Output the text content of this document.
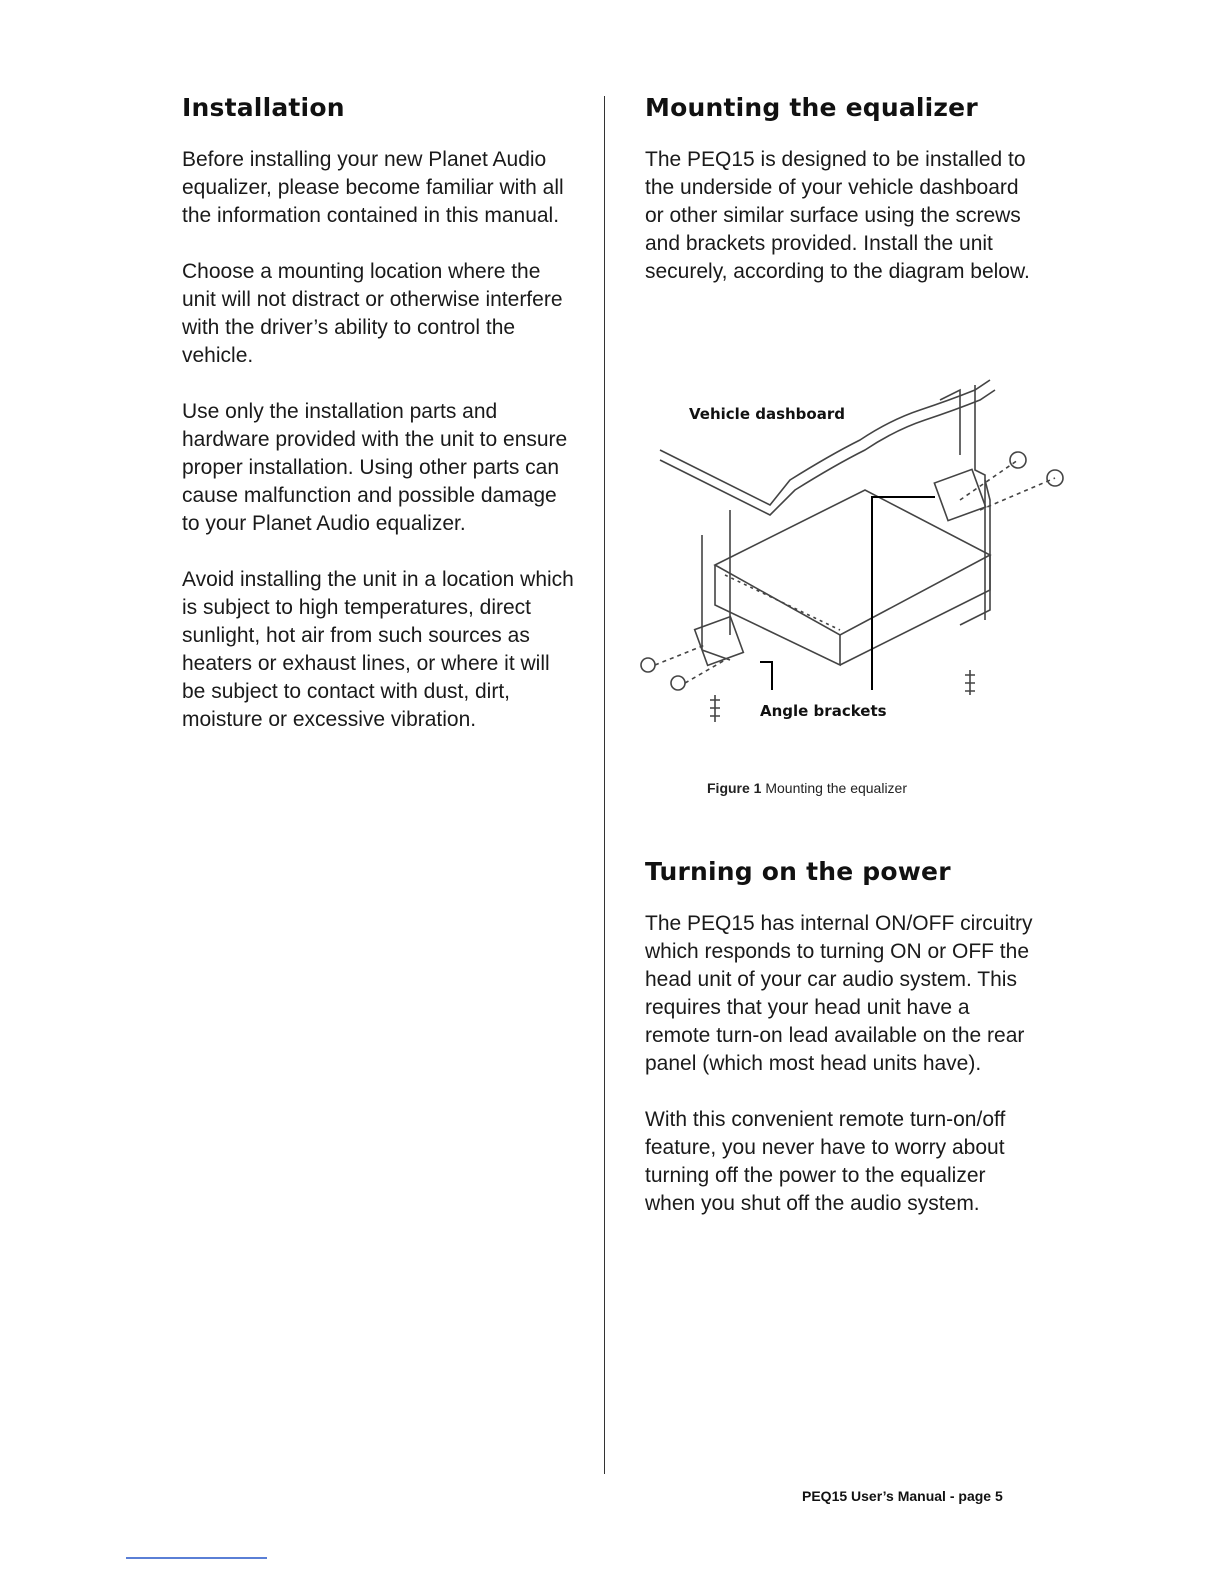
Installation

Before installing your new Planet Audio equalizer, please become familiar with all the information contained in this manual.

Choose a mounting location where the unit will not distract or otherwise interfere with the driver’s ability to control the vehicle.

Use only the installation parts and hardware provided with the unit to ensure proper installation. Using other parts can cause malfunction and possible damage to your Planet Audio equalizer.

Avoid installing the unit in a location which is subject to high temperatures, direct sunlight, hot air from such sources as heaters or exhaust lines, or where it will be subject to contact with dust, dirt, moisture or excessive vibration.

Mounting the equalizer

The PEQ15 is designed to be installed to the underside of your vehicle dashboard or other similar surface using the screws and brackets provided. Install the unit securely, according to the diagram below.

Turning on the power

The PEQ15 has internal ON/OFF circuitry which responds to turning ON or OFF the head unit of your car audio system. This requires that your head unit have a remote turn-on lead available on the rear panel (which most head units have).

With this convenient remote turn-on/off feature, you never have to worry about turning off the power to the equalizer when you shut off the audio system.

Vehicle dashboard
Angle brackets
Figure 1 Mounting the equalizer
PEQ15 User’s Manual - page 5
